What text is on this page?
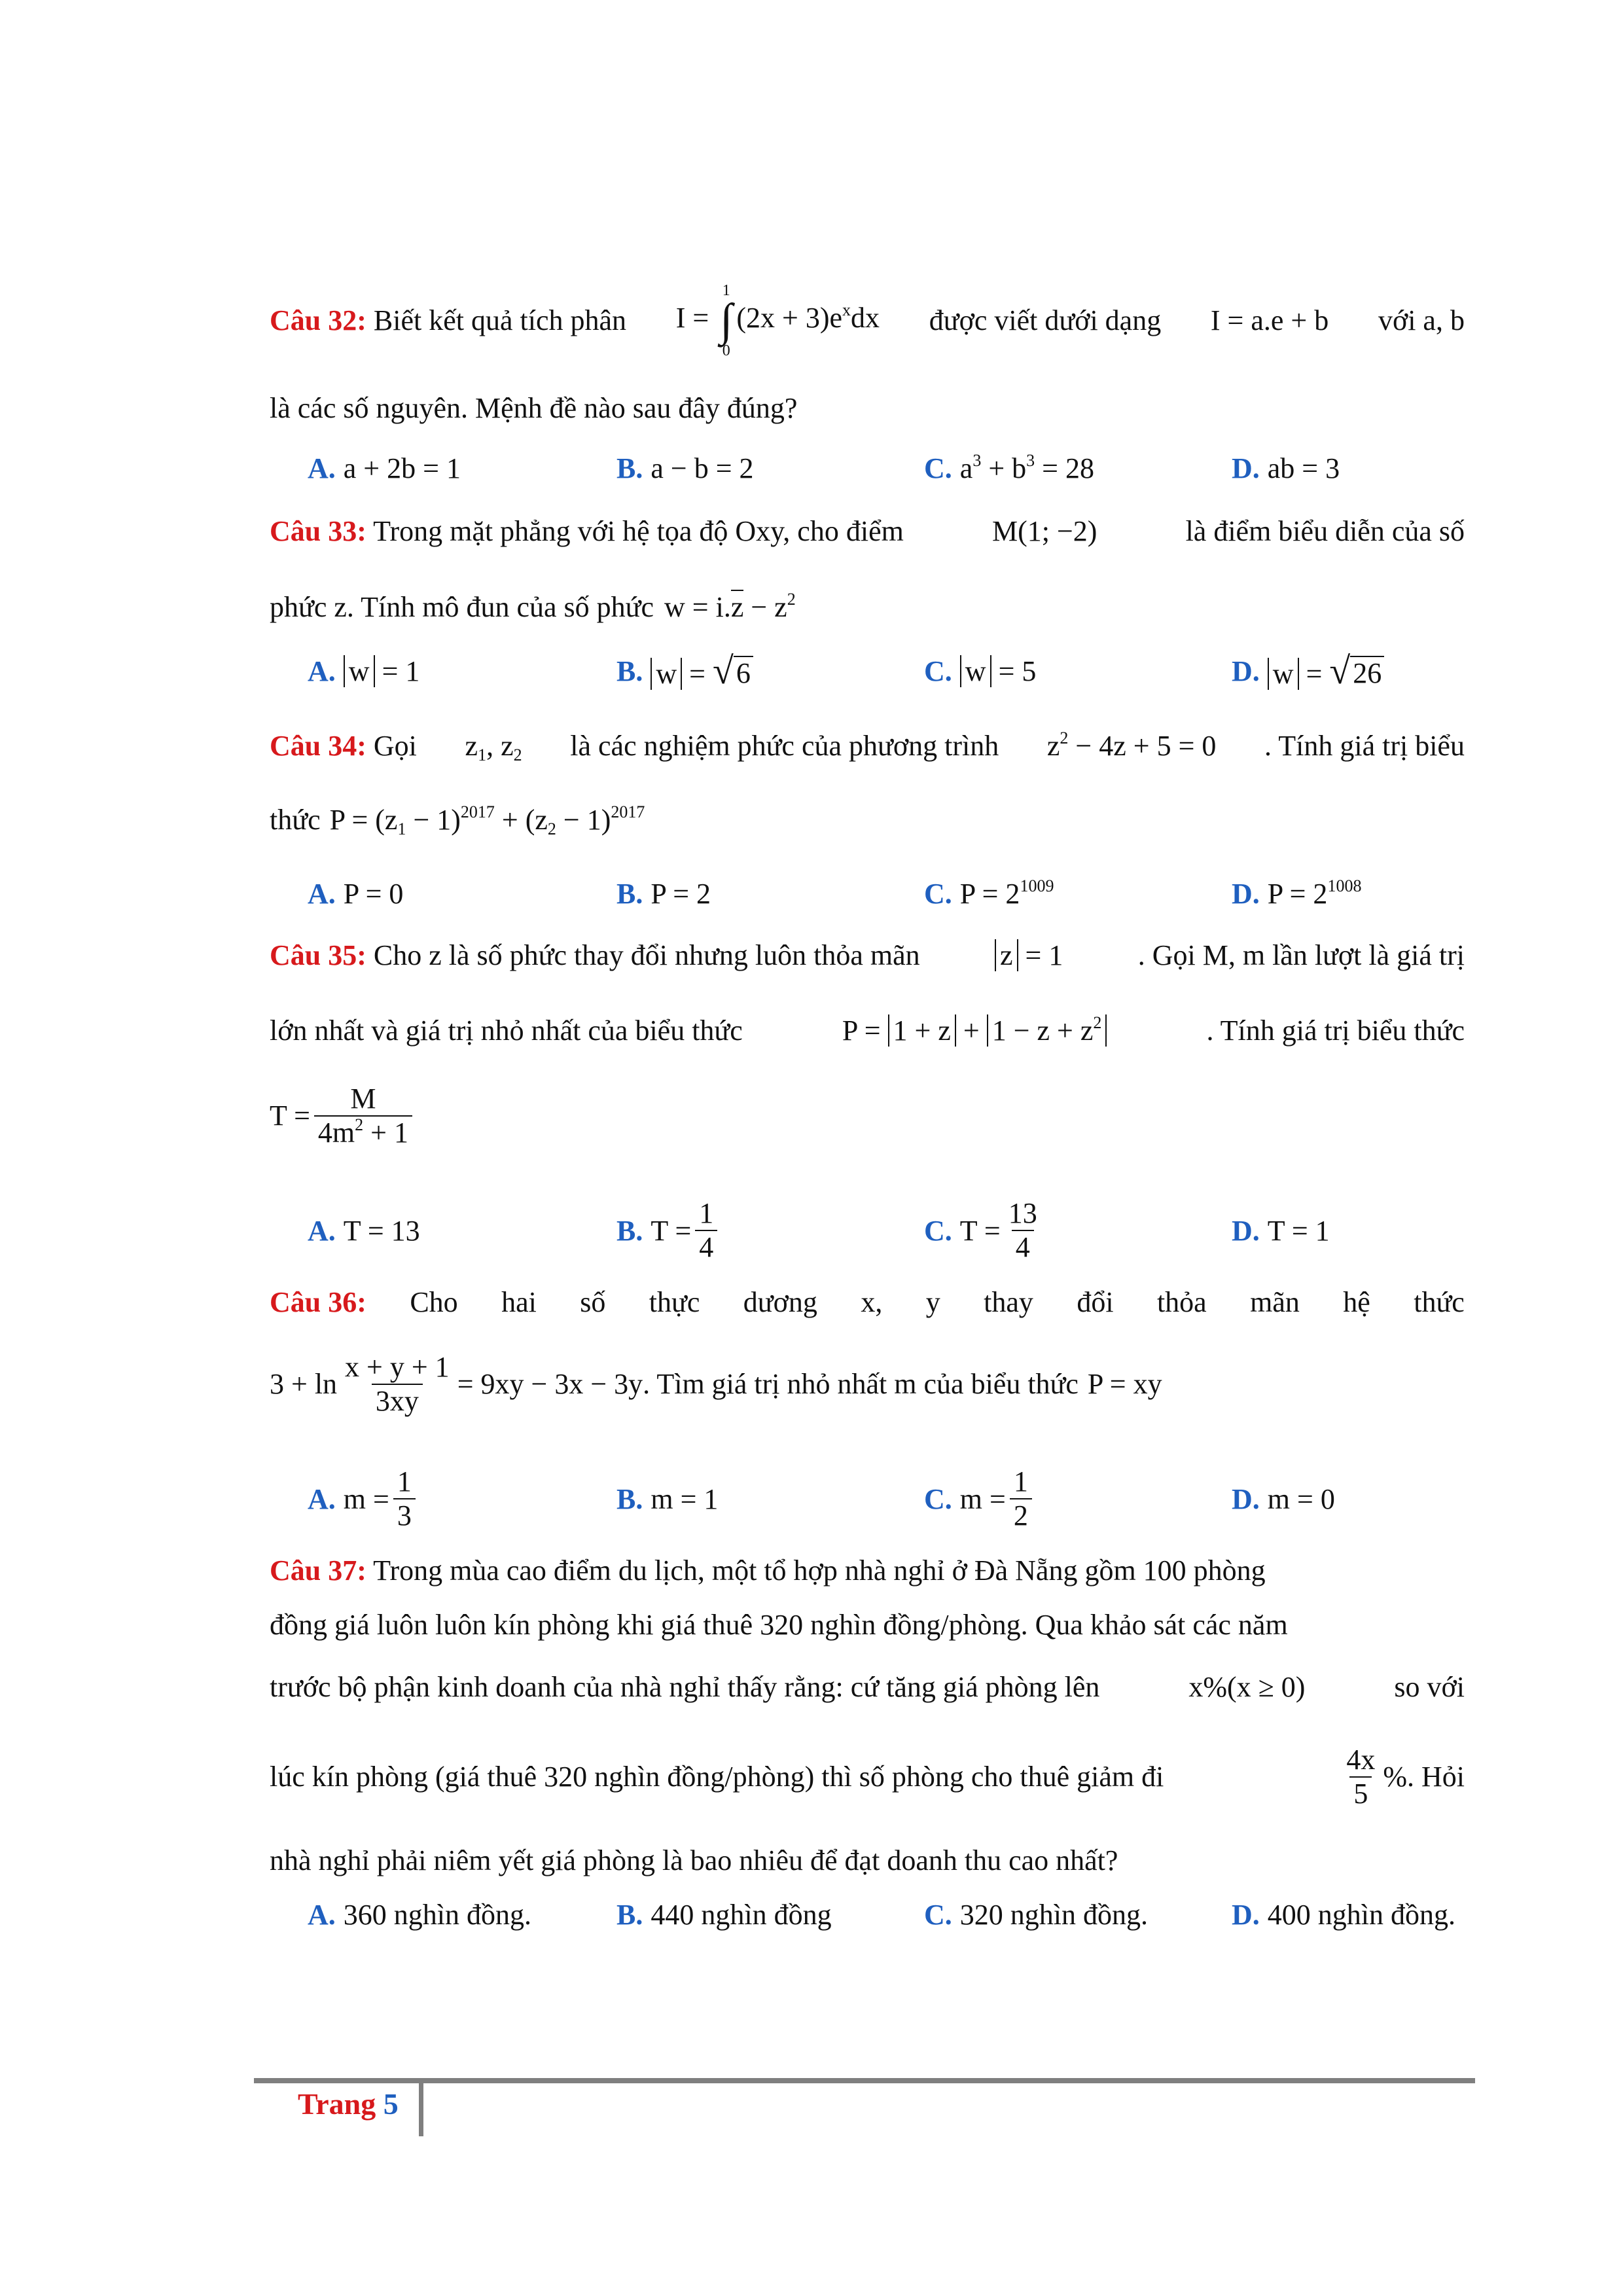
Câu 32: Biết kết quả tích phân I =
1
∫
0
$(2x + 3)e^xdx$ được viết dưới dạng I = a.e + b với a, b
là các số nguyên. Mệnh đề nào sau đây đúng?
A. a + 2b = 1	B. a − b = 2	C. $a^3 + b^3 = 28$	D. ab = 3
Câu 33: Trong mặt phẳng với hệ tọa độ Oxy, cho điểm	M(1; −2)	là điểm biểu diễn của số
phức z. Tính mô đun của số phức $w = i.z - z^2$
A. w = 1	B. w = √ 6	C. w = 5	D. w = √ 26
Câu 34: Gọi $z_1$, $z_2$ là các nghiệm phức của phương trình $z^2 - 4z + 5 = 0$ . Tính giá trị biểu
thức $P = (z_1 - 1)^{2017} + (z_2 - 1)^{2017}$
A. P = 0	B. P = 2	C. $P = 2^{1009}$	D. $P = 2^{1008}$
Câu 35: Cho z là số phức thay đổi nhưng luôn thỏa mãn	z = 1	. Gọi M, m lần lượt là giá trị
lớn nhất và giá trị nhỏ nhất của biểu thức	$P = 1 + z + 1 - z + z^2$	. Tính giá trị biểu thức
$T = \frac{M}{4m^2 + 1}$
A. T = 13	B. $T = \frac{1}{4}$	C. $T = \frac{13}{4}$	D. T = 1
Câu 36: Cho hai số thực dương x, y thay đổi thỏa mãn hệ thức
$3 + \ln \frac{x + y + 1}{3xy} = 9xy - 3x - 3y$ . Tìm giá trị nhỏ nhất m của biểu thức P = xy
A. $m = \frac{1}{3}$	B. m = 1	C. $m = \frac{1}{2}$	D. m = 0
Câu 37: Trong mùa cao điểm du lịch, một tổ hợp nhà nghỉ ở Đà Nẵng gồm 100 phòng
đồng giá luôn luôn kín phòng khi giá thuê 320 nghìn đồng/phòng. Qua khảo sát các năm
trước bộ phận kinh doanh của nhà nghỉ thấy rằng: cứ tăng giá phòng lên	x%(x ≥ 0)	so với
lúc kín phòng (giá thuê 320 nghìn đồng/phòng) thì số phòng cho thuê giảm đi	$\frac{4x}{5}$ %. Hỏi
nhà nghỉ phải niêm yết giá phòng là bao nhiêu để đạt doanh thu cao nhất?
A. 360 nghìn đồng.	B. 440 nghìn đồng	C. 320 nghìn đồng.	D. 400 nghìn đồng.
Trang 5
